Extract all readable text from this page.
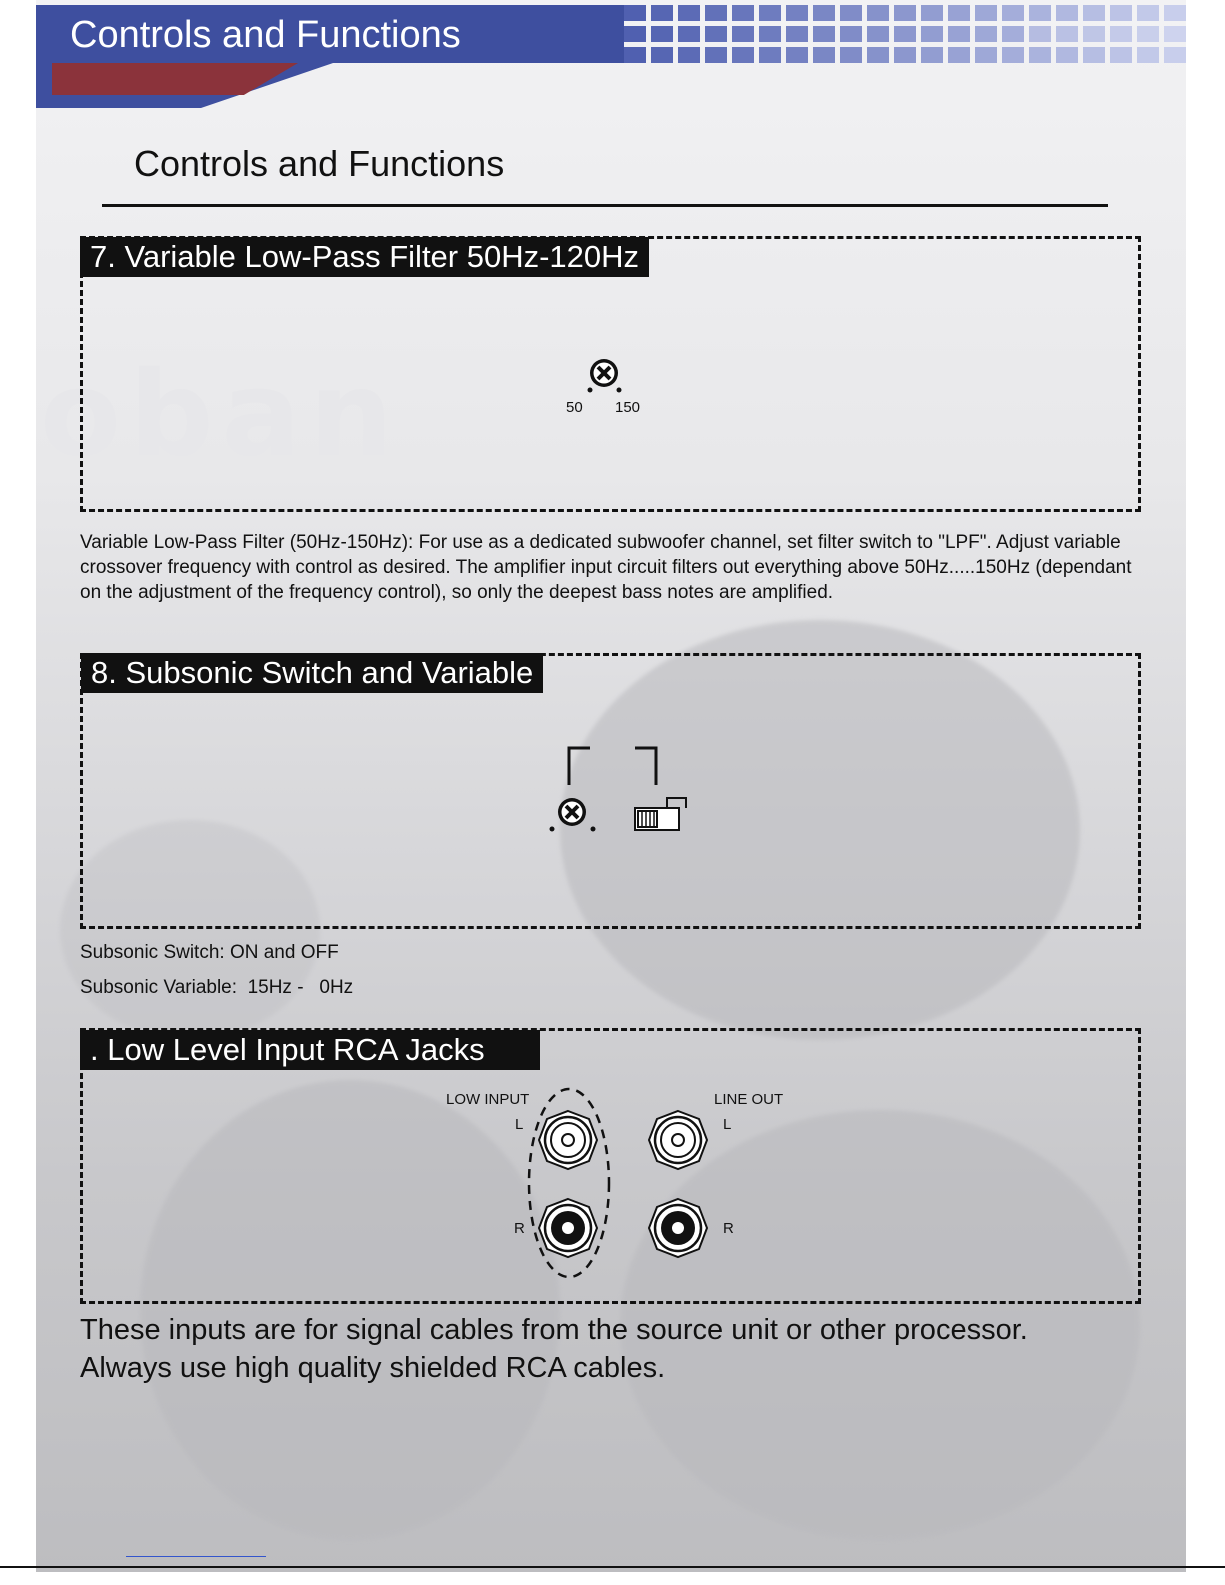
oban
Controls and Functions
Controls and Functions
7. Variable Low-Pass Filter 50Hz-120Hz
50 150
Variable Low-Pass Filter (50Hz-150Hz): For use as a dedicated subwoofer channel, set filter switch to "LPF". Adjust variable crossover frequency with control as desired. The amplifier input circuit filters out everything above 50Hz.....150Hz (dependant on the adjustment of the frequency control), so only the deepest bass notes are amplified.
8. Subsonic Switch and Variable
Subsonic Switch: ON and OFF
Subsonic Variable:  15Hz -   0Hz
. Low Level Input RCA Jacks
LOW INPUT	LINE OUT
L
R
L
R
These inputs are for signal cables from the source unit or other processor.
Always use high quality shielded RCA cables.
